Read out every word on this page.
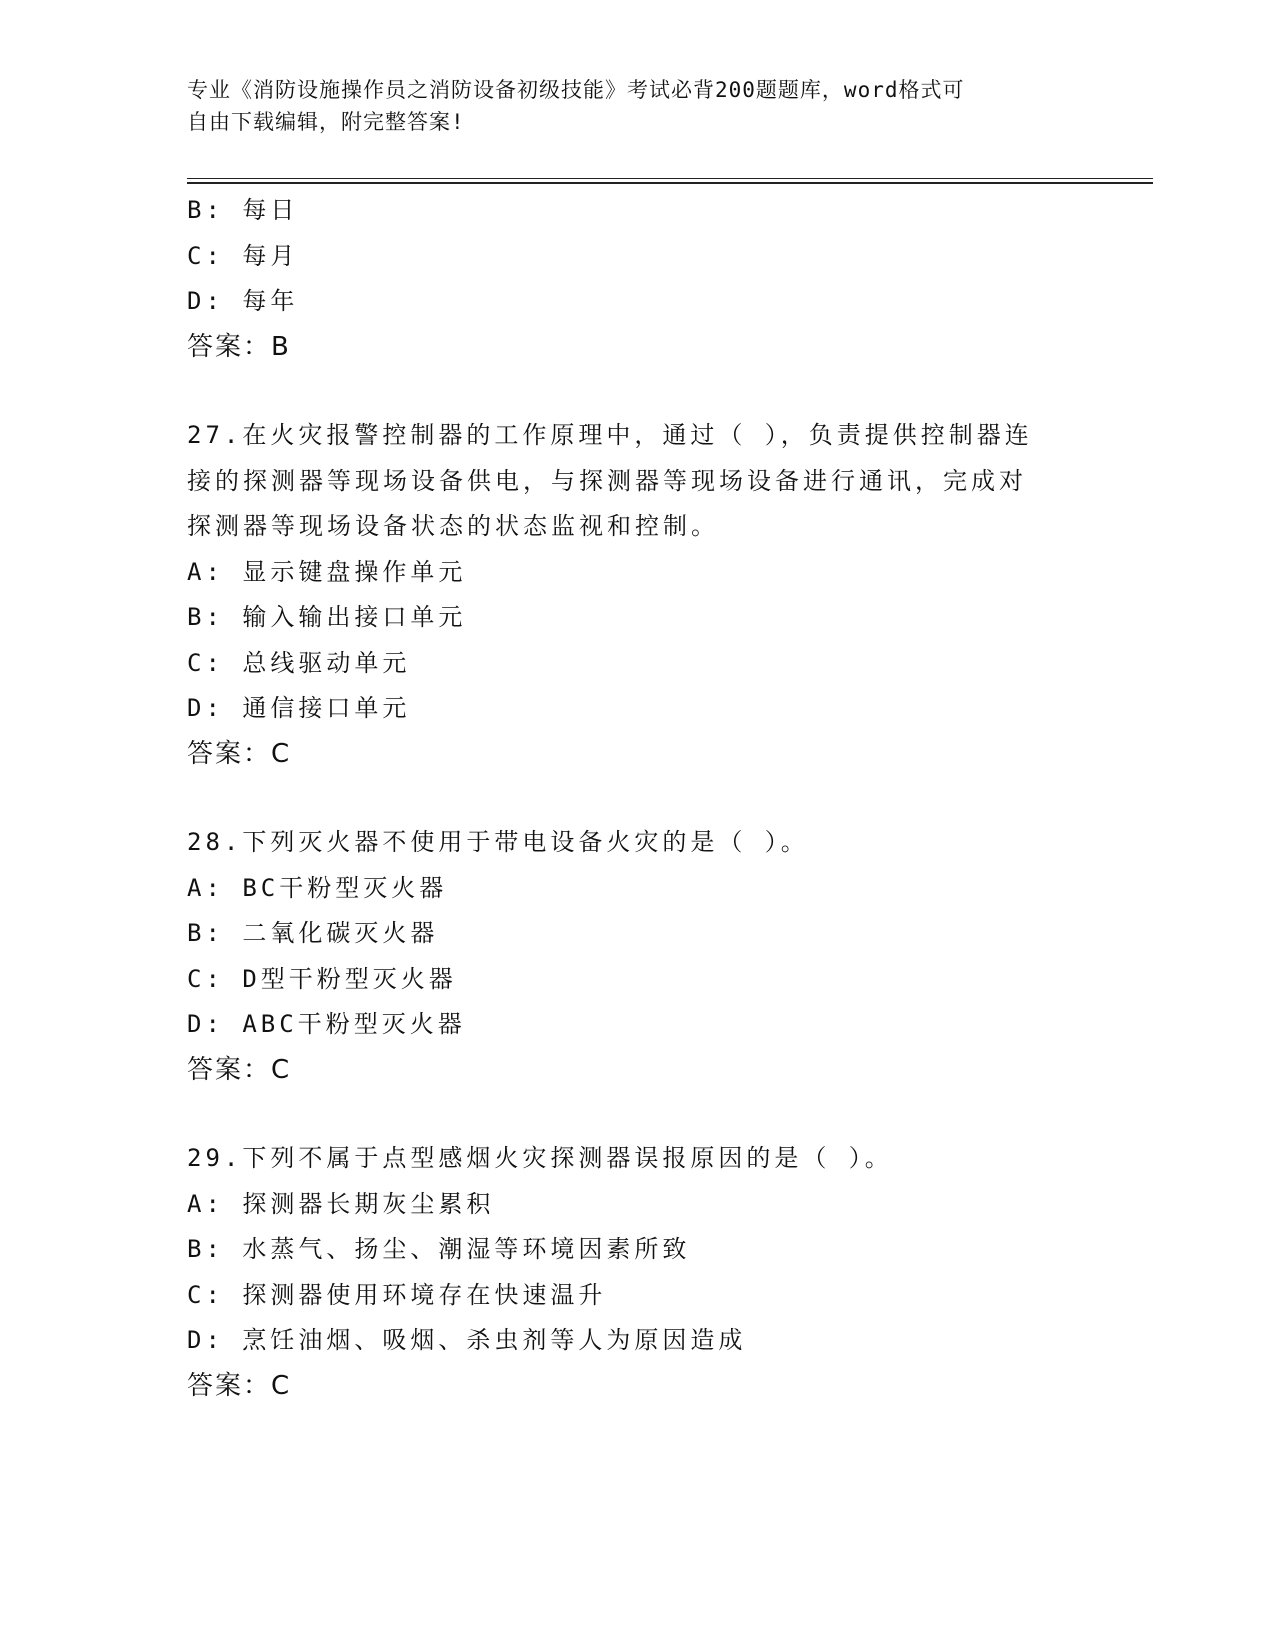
专业《消防设施操作员之消防设备初级技能》考试必背200题题库，word格式可
自由下载编辑，附完整答案!
B: 每日
C: 每月
D: 每年
答案：B
27.在火灾报警控制器的工作原理中，通过（ ），负责提供控制器连
接的探测器等现场设备供电，与探测器等现场设备进行通讯，完成对
探测器等现场设备状态的状态监视和控制。
A: 显示键盘操作单元
B: 输入输出接口单元
C: 总线驱动单元
D: 通信接口单元
答案：C
28.下列灭火器不使用于带电设备火灾的是（ ）。
A: BC干粉型灭火器
B: 二氧化碳灭火器
C: D型干粉型灭火器
D: ABC干粉型灭火器
答案：C
29.下列不属于点型感烟火灾探测器误报原因的是（ ）。
A: 探测器长期灰尘累积
B: 水蒸气、扬尘、潮湿等环境因素所致
C: 探测器使用环境存在快速温升
D: 烹饪油烟、吸烟、杀虫剂等人为原因造成
答案：C
